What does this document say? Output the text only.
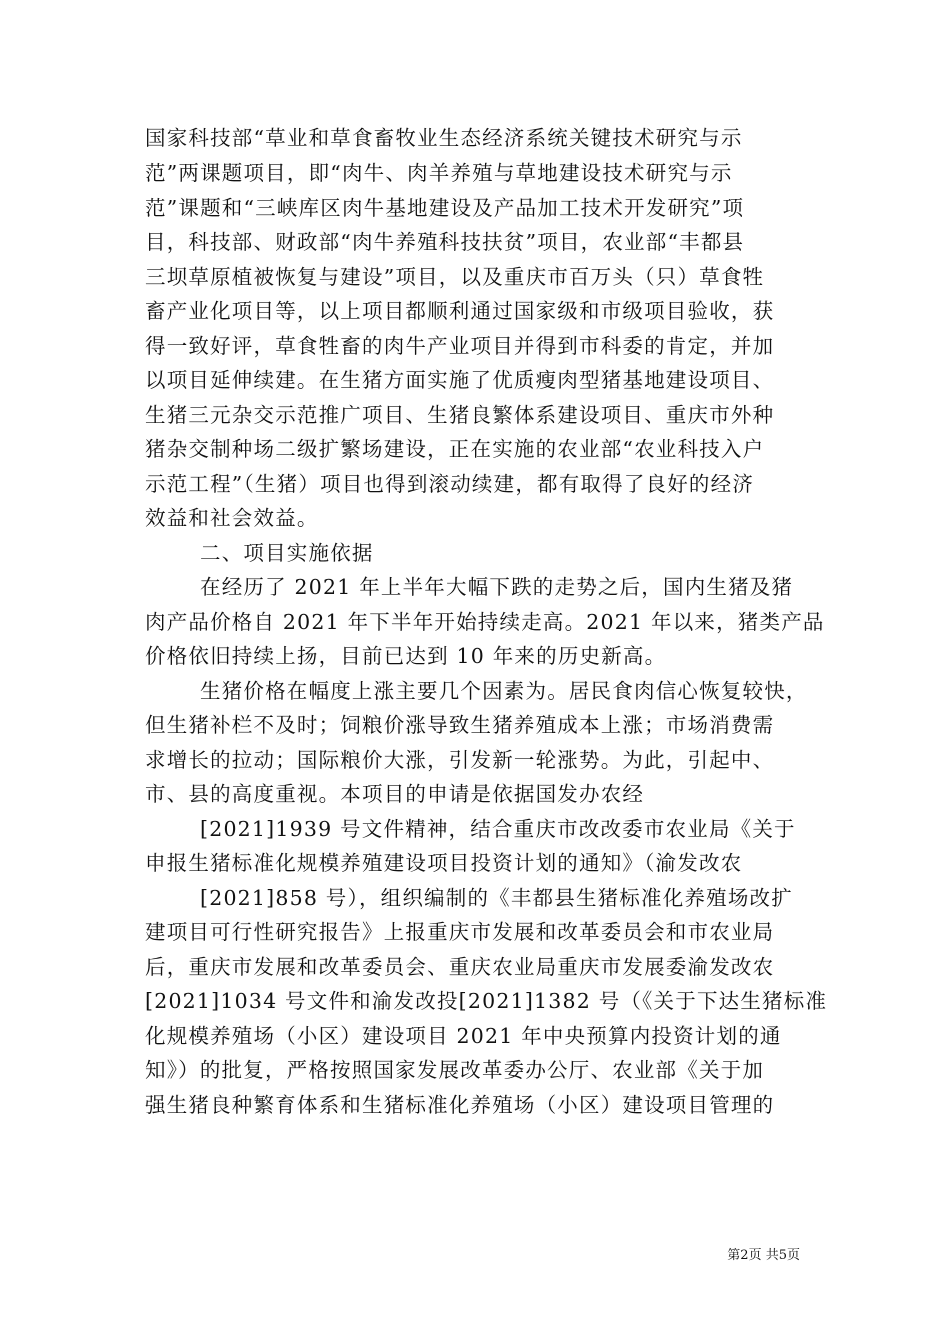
国家科技部“草业和草食畜牧业生态经济系统关键技术研究与示
范”两课题项目，即“肉牛、肉羊养殖与草地建设技术研究与示
范”课题和“三峡库区肉牛基地建设及产品加工技术开发研究”项
目，科技部、财政部“肉牛养殖科技扶贫”项目，农业部“丰都县
三坝草原植被恢复与建设”项目，以及重庆市百万头（只）草食牲
畜产业化项目等，以上项目都顺利通过国家级和市级项目验收，获
得一致好评，草食牲畜的肉牛产业项目并得到市科委的肯定，并加
以项目延伸续建。在生猪方面实施了优质瘦肉型猪基地建设项目、
生猪三元杂交示范推广项目、生猪良繁体系建设项目、重庆市外种
猪杂交制种场二级扩繁场建设，正在实施的农业部“农业科技入户
示范工程”（生猪）项目也得到滚动续建，都有取得了良好的经济
效益和社会效益。
二、项目实施依据
在经历了 2021 年上半年大幅下跌的走势之后，国内生猪及猪
肉产品价格自 2021 年下半年开始持续走高。2021 年以来，猪类产品
价格依旧持续上扬，目前已达到 10 年来的历史新高。
生猪价格在幅度上涨主要几个因素为。居民食肉信心恢复较快，
但生猪补栏不及时；饲粮价涨导致生猪养殖成本上涨；市场消费需
求增长的拉动；国际粮价大涨，引发新一轮涨势。为此，引起中、
市、县的高度重视。本项目的申请是依据国发办农经
[2021]1939 号文件精神，结合重庆市改改委市农业局《关于
申报生猪标准化规模养殖建设项目投资计划的通知》（渝发改农
[2021]858 号），组织编制的《丰都县生猪标准化养殖场改扩
建项目可行性研究报告》上报重庆市发展和改革委员会和市农业局
后，重庆市发展和改革委员会、重庆农业局重庆市发展委渝发改农
[2021]1034 号文件和渝发改投[2021]1382 号（《关于下达生猪标准
化规模养殖场（小区）建设项目 2021 年中央预算内投资计划的通
知》）的批复，严格按照国家发展改革委办公厅、农业部《关于加
强生猪良种繁育体系和生猪标准化养殖场（小区）建设项目管理的
第2页 共5页
